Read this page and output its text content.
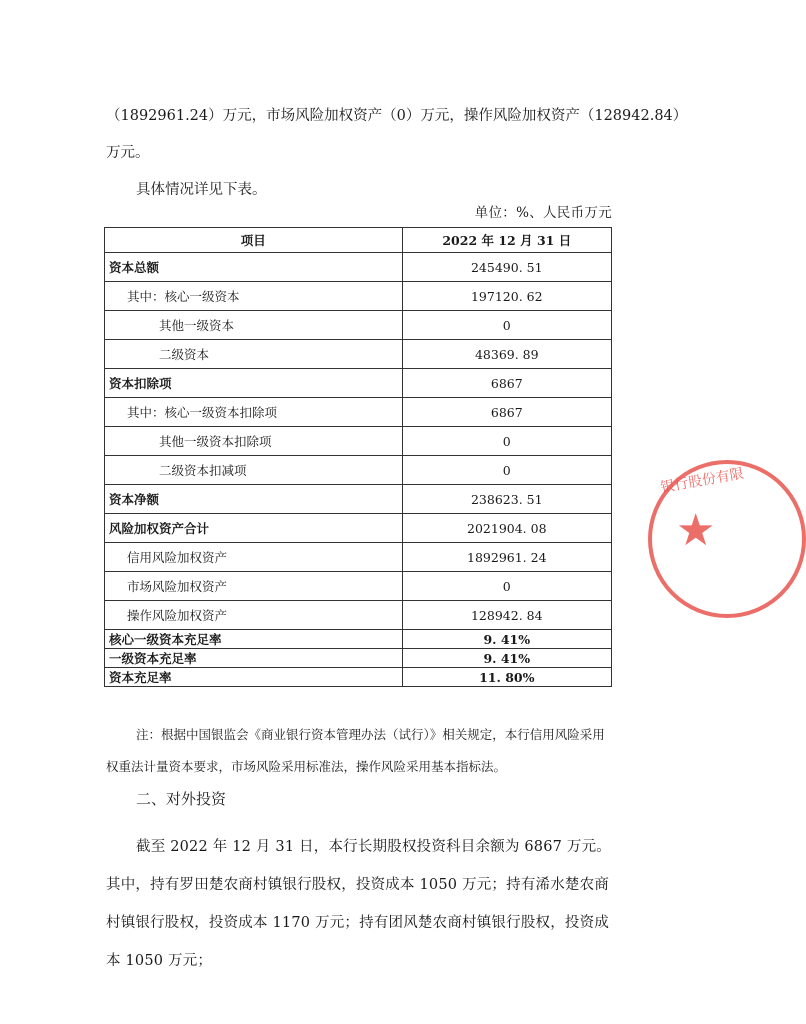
（1892961.24）万元，市场风险加权资产（0）万元，操作风险加权资产（128942.84）
万元。
具体情况详见下表。
单位：%、人民币万元
项目	2022 年 12 月 31 日
资本总额	245490. 51
其中：核心一级资本	197120. 62
其他一级资本	0
二级资本	48369. 89
资本扣除项	6867
其中：核心一级资本扣除项	6867
其他一级资本扣除项	0
二级资本扣减项	0
资本净额	238623. 51
风险加权资产合计	2021904. 08
信用风险加权资产	1892961. 24
市场风险加权资产	0
操作风险加权资产	128942. 84
核心一级资本充足率	9. 41%
一级资本充足率	9. 41%
资本充足率	11. 80%

注：根据中国银监会《商业银行资本管理办法（试行）》相关规定，本行信用风险采用权重法计量资本要求，市场风险采用标准法，操作风险采用基本指标法。

二、对外投资

截至 2022 年 12 月 31 日，本行长期股权投资科目余额为 6867 万元。其中，持有罗田楚农商村镇银行股权，投资成本 1050 万元；持有浠水楚农商村镇银行股权，投资成本 1170 万元；持有团风楚农商村镇银行股权，投资成本 1050 万元；

银行股份有限
★
